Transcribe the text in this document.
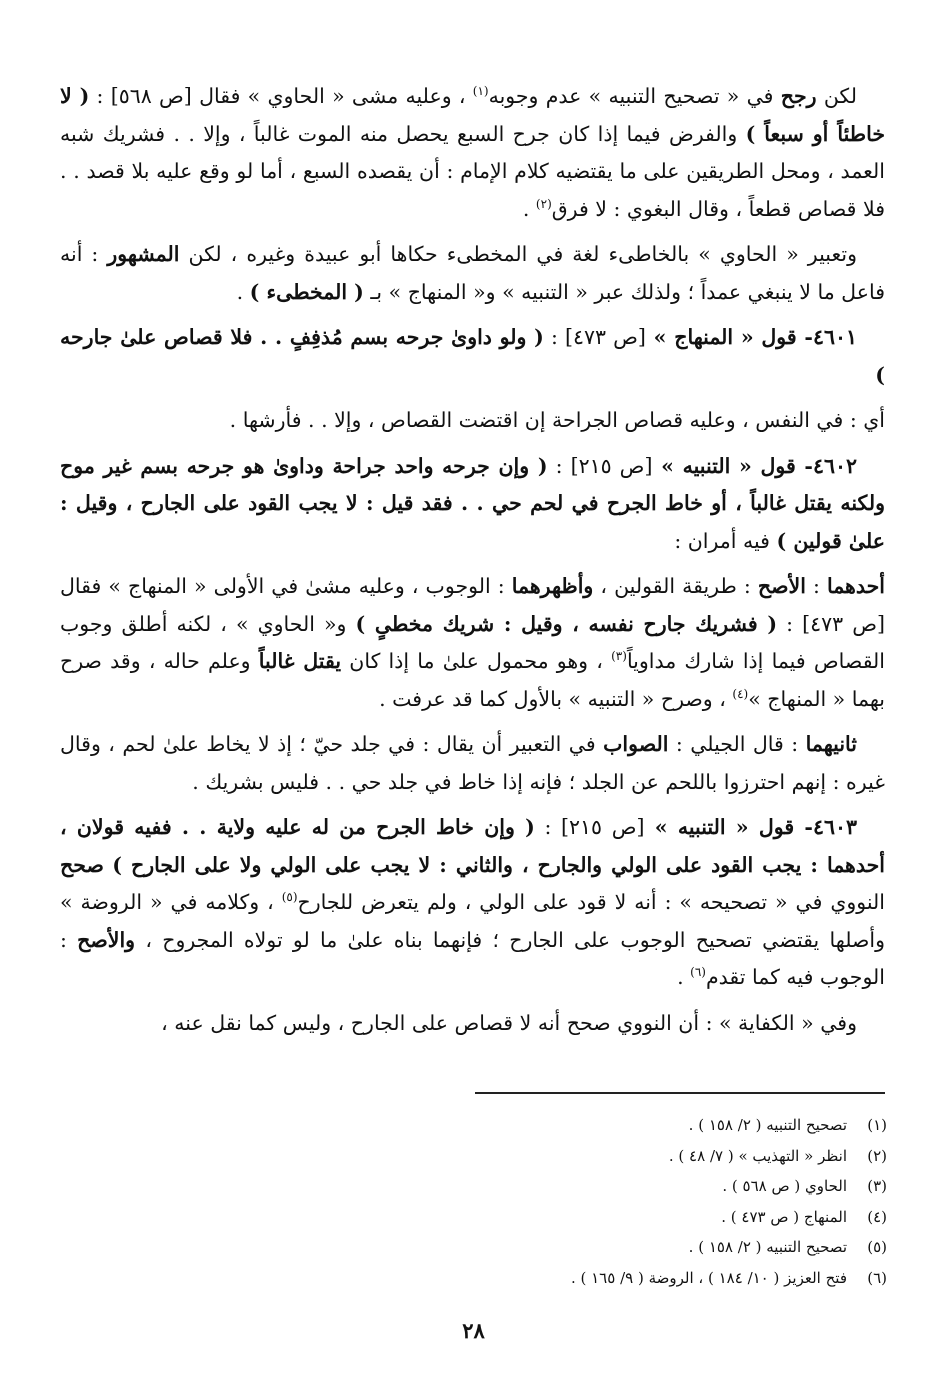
لكن رجح في « تصحيح التنبيه » عدم وجوبه$^{(١)}$ ، وعليه مشى « الحاوي » فقال [ص ٥٦٨] : ( لا خاطئاً أو سبعاً ) والفرض فيما إذا كان جرح السبع يحصل منه الموت غالباً ، وإلا . . فشريك شبه العمد ، ومحل الطريقين على ما يقتضيه كلام الإمام : أن يقصده السبع ، أما لو وقع عليه بلا قصد . . فلا قصاص قطعاً ، وقال البغوي : لا فرق$^{(٢)}$ .

وتعبير « الحاوي » بالخاطىء لغة في المخطىء حكاها أبو عبيدة وغيره ، لكن المشهور : أنه فاعل ما لا ينبغي عمداً ؛ ولذلك عبر « التنبيه » و« المنهاج » بـ ( المخطىء ) .

٤٦٠١- قول « المنهاج » [ص ٤٧٣] : ( ولو داوىٰ جرحه بسم مُذفِفٍ . . فلا قصاص علىٰ جارحه )

أي : في النفس ، وعليه قصاص الجراحة إن اقتضت القصاص ، وإلا . . فأرشها .

٤٦٠٢- قول « التنبيه » [ص ٢١٥] : ( وإن جرحه واحد جراحة وداوىٰ هو جرحه بسم غير موح ولكنه يقتل غالباً ، أو خاط الجرح في لحم حي . . فقد قيل : لا يجب القود على الجارح ، وقيل : علىٰ قولين ) فيه أمران :

أحدهما : الأصح : طريقة القولين ، وأظهرهما : الوجوب ، وعليه مشىٰ في الأولى « المنهاج » فقال [ص ٤٧٣] : ( فشريك جارح نفسه ، وقيل : شريك مخطىٍ ) و« الحاوي » ، لكنه أطلق وجوب القصاص فيما إذا شارك مداوياً$^{(٣)}$ ، وهو محمول علىٰ ما إذا كان يقتل غالباً وعلم حاله ، وقد صرح بهما « المنهاج »$^{(٤)}$ ، وصرح « التنبيه » بالأول كما قد عرفت .

ثانيهما : قال الجيلي : الصواب في التعبير أن يقال : في جلد حيّ ؛ إذ لا يخاط علىٰ لحم ، وقال غيره : إنهم احترزوا باللحم عن الجلد ؛ فإنه إذا خاط في جلد حي . . فليس بشريك .

٤٦٠٣- قول « التنبيه » [ص ٢١٥] : ( وإن خاط الجرح من له عليه ولاية . . ففيه قولان ، أحدهما : يجب القود على الولي والجارح ، والثاني : لا يجب على الولي ولا على الجارح ) صحح النووي في « تصحيحه » : أنه لا قود على الولي ، ولم يتعرض للجارح$^{(٥)}$ ، وكلامه في « الروضة » وأصلها يقتضي تصحيح الوجوب على الجارح ؛ فإنهما بناه علىٰ ما لو تولاه المجروح ، والأصح : الوجوب فيه كما تقدم$^{(٦)}$ .

وفي « الكفاية » : أن النووي صحح أنه لا قصاص على الجارح ، وليس كما نقل عنه ،

(١)
تصحيح التنبيه ( ٢/ ١٥٨ ) .
(٢)
انظر « التهذيب » ( ٧/ ٤٨ ) .
(٣)
الحاوي ( ص ٥٦٨ ) .
(٤)
المنهاج ( ص ٤٧٣ ) .
(٥)
تصحيح التنبيه ( ٢/ ١٥٨ ) .
(٦)
فتح العزيز ( ١٠/ ١٨٤ ) ، الروضة ( ٩/ ١٦٥ ) .
٢٨
